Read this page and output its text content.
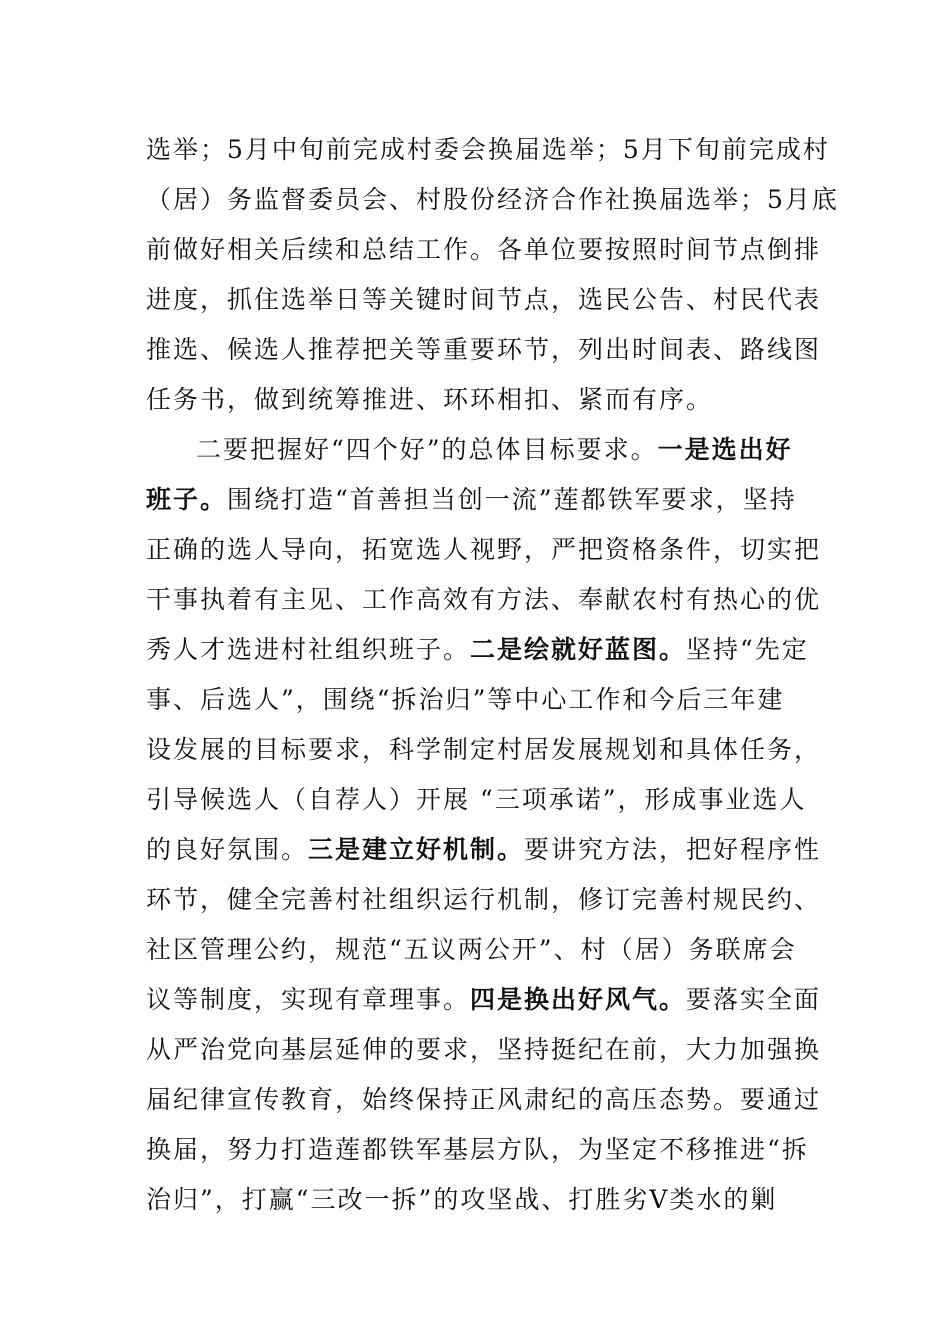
选举；5月中旬前完成村委会换届选举；5月下旬前完成村
（居）务监督委员会、村股份经济合作社换届选举；5月底
前做好相关后续和总结工作。各单位要按照时间节点倒排
进度，抓住选举日等关键时间节点，选民公告、村民代表
推选、候选人推荐把关等重要环节，列出时间表、路线图
任务书，做到统筹推进、环环相扣、紧而有序。
二要把握好“四个好”的总体目标要求。一是选出好
班子。围绕打造“首善担当创一流”莲都铁军要求，坚持
正确的选人导向，拓宽选人视野，严把资格条件，切实把
干事执着有主见、工作高效有方法、奉献农村有热心的优
秀人才选进村社组织班子。二是绘就好蓝图。坚持“先定
事、后选人”，围绕“拆治归”等中心工作和今后三年建
设发展的目标要求，科学制定村居发展规划和具体任务，
引导候选人（自荐人）开展 “三项承诺”，形成事业选人
的良好氛围。三是建立好机制。要讲究方法，把好程序性
环节，健全完善村社组织运行机制，修订完善村规民约、
社区管理公约，规范“五议两公开”、村（居）务联席会
议等制度，实现有章理事。四是换出好风气。要落实全面
从严治党向基层延伸的要求，坚持挺纪在前，大力加强换
届纪律宣传教育，始终保持正风肃纪的高压态势。要通过
换届，努力打造莲都铁军基层方队，为坚定不移推进“拆
治归”，打赢“三改一拆”的攻坚战、打胜劣Ⅴ类水的剿
